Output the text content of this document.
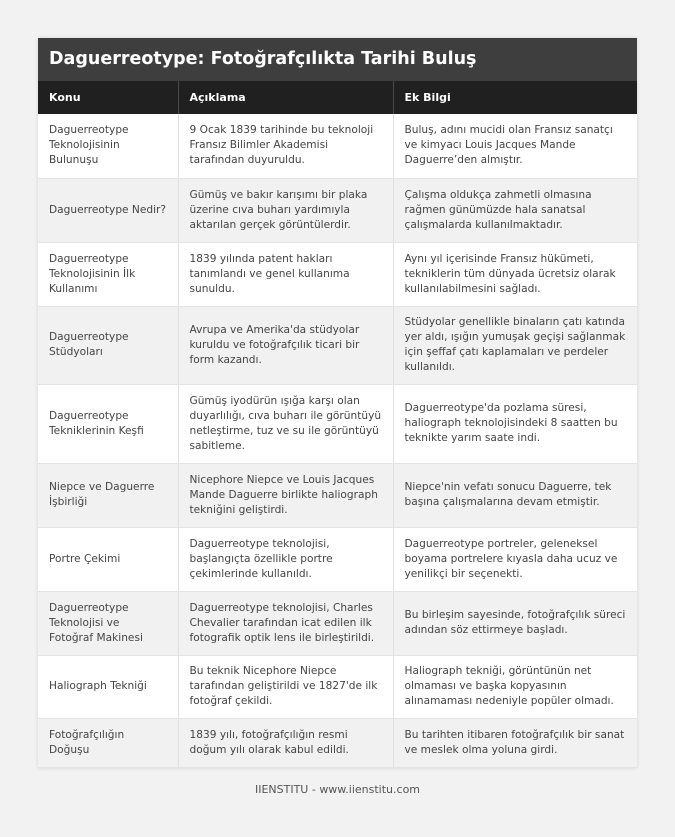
Daguerreotype: Fotoğrafçılıkta Tarihi Buluş
Konu	Açıklama	Ek Bilgi
Daguerreotype Teknolojisinin Bulunuşu	9 Ocak 1839 tarihinde bu teknoloji Fransız Bilimler Akademisi tarafından duyuruldu.	Buluş, adını mucidi olan Fransız sanatçı ve kimyacı Louis Jacques Mande Daguerre’den almıştır.
Daguerreotype Nedir?	Gümüş ve bakır karışımı bir plaka üzerine cıva buharı yardımıyla aktarılan gerçek görüntülerdir.	Çalışma oldukça zahmetli olmasına rağmen günümüzde hala sanatsal çalışmalarda kullanılmaktadır.
Daguerreotype Teknolojisinin İlk Kullanımı	1839 yılında patent hakları tanımlandı ve genel kullanıma sunuldu.	Aynı yıl içerisinde Fransız hükümeti, tekniklerin tüm dünyada ücretsiz olarak kullanılabilmesini sağladı.
Daguerreotype Stüdyoları	Avrupa ve Amerika'da stüdyolar kuruldu ve fotoğrafçılık ticari bir form kazandı.	Stüdyolar genellikle binaların çatı katında yer aldı, ışığın yumuşak geçişi sağlanmak için şeffaf çatı kaplamaları ve perdeler kullanıldı.
Daguerreotype Tekniklerinin Keşfi	Gümüş iyodürün ışığa karşı olan duyarlılığı, cıva buharı ile görüntüyü netleştirme, tuz ve su ile görüntüyü sabitleme.	Daguerreotype'da pozlama süresi, haliograph teknolojisindeki 8 saatten bu teknikte yarım saate indi.
Niepce ve Daguerre İşbirliği	Nicephore Niepce ve Louis Jacques Mande Daguerre birlikte haliograph tekniğini geliştirdi.	Niepce'nin vefatı sonucu Daguerre, tek başına çalışmalarına devam etmiştir.
Portre Çekimi	Daguerreotype teknolojisi, başlangıçta özellikle portre çekimlerinde kullanıldı.	Daguerreotype portreler, geleneksel boyama portrelere kıyasla daha ucuz ve yenilikçi bir seçenekti.
Daguerreotype Teknolojisi ve Fotoğraf Makinesi	Daguerreotype teknolojisi, Charles Chevalier tarafından icat edilen ilk fotografik optik lens ile birleştirildi.	Bu birleşim sayesinde, fotoğrafçılık süreci adından söz ettirmeye başladı.
Haliograph Tekniği	Bu teknik Nicephore Niepce tarafından geliştirildi ve 1827'de ilk fotoğraf çekildi.	Haliograph tekniği, görüntünün net olmaması ve başka kopyasının alınamaması nedeniyle popüler olmadı.
Fotoğrafçılığın Doğuşu	1839 yılı, fotoğrafçılığın resmi doğum yılı olarak kabul edildi.	Bu tarihten itibaren fotoğrafçılık bir sanat ve meslek olma yoluna girdi.
IIENSTITU - www.iienstitu.com
